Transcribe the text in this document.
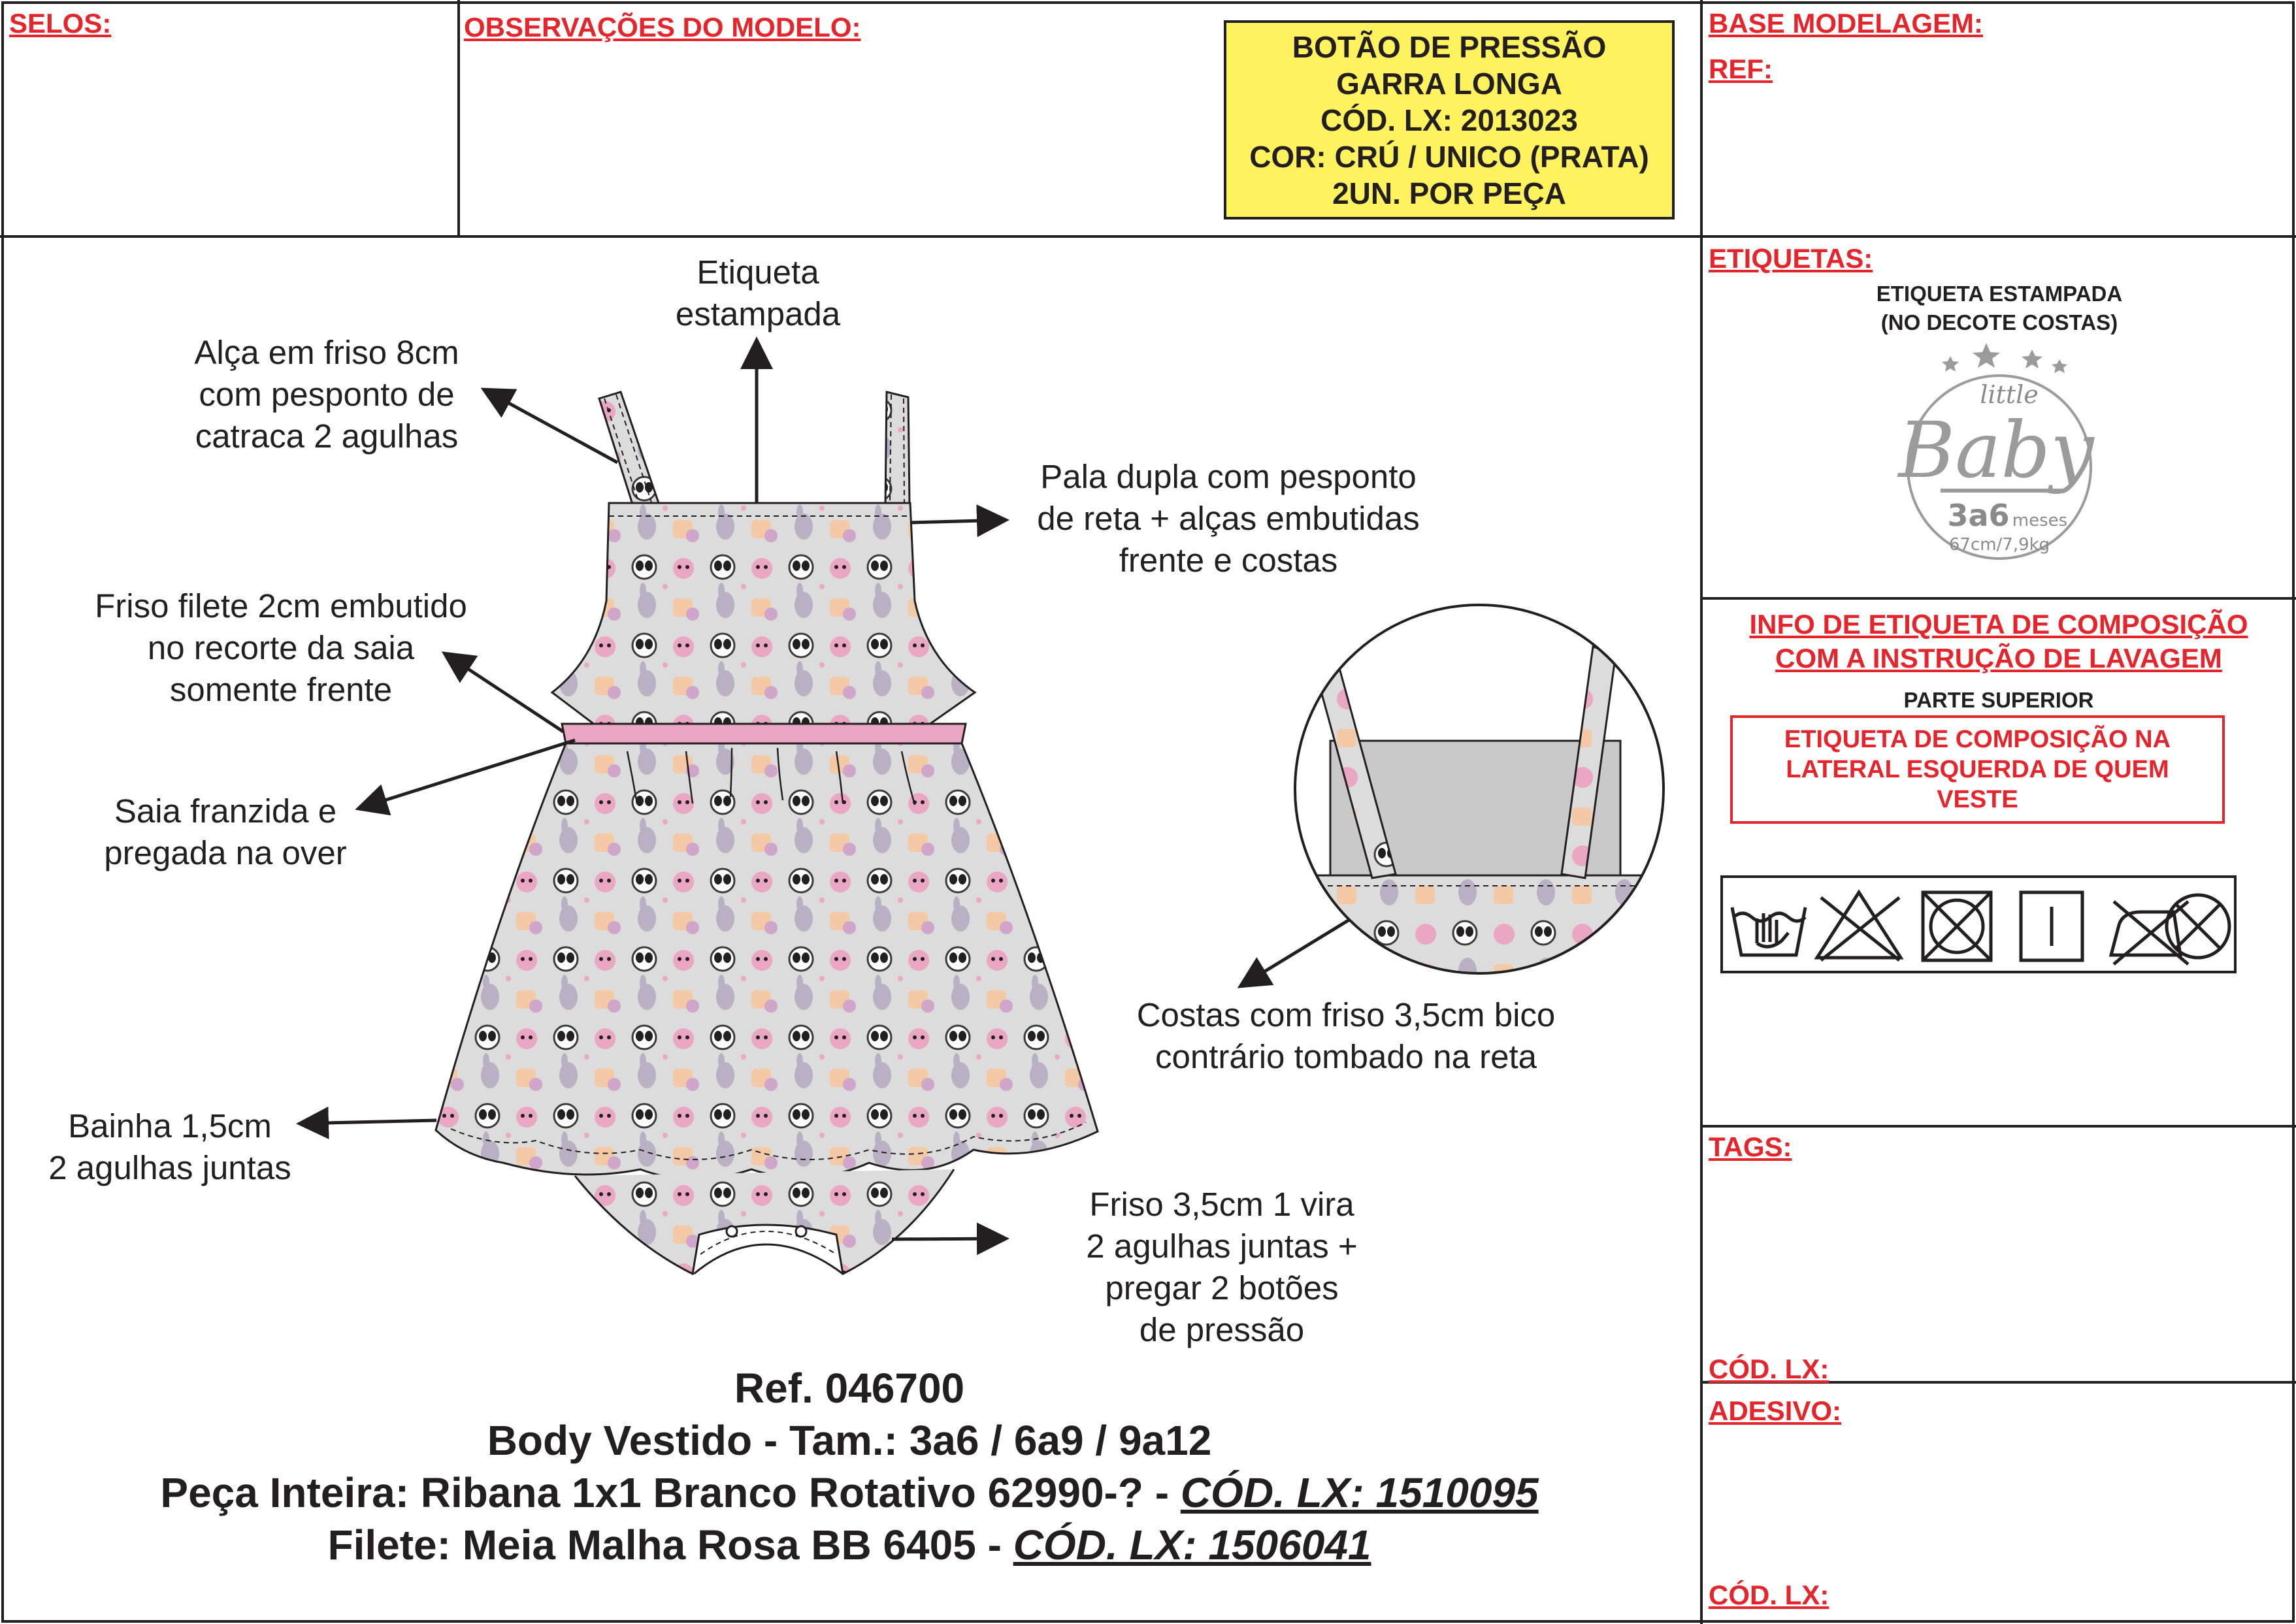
SELOS:	OBSERVAÇÕES DO MODELO:
BOTÃO DE PRESSÃO
GARRA LONGA
CÓD. LX: 2013023
COR: CRÚ / UNICO (PRATA)
2UN. POR PEÇA
BASE MODELAGEM:
REF:
ETIQUETAS:
ETIQUETA ESTAMPADA
(NO DECOTE COSTAS)
little
Baby
3a6 meses
67cm/7,9kg
INFO DE ETIQUETA DE COMPOSIÇÃO
COM A INSTRUÇÃO DE LAVAGEM
PARTE SUPERIOR
ETIQUETA DE COMPOSIÇÃO NA
LATERAL ESQUERDA DE QUEM
VESTE
TAGS:
CÓD. LX:
ADESIVO:
CÓD. LX:
Etiqueta
estampada
Alça em friso 8cm
com pesponto de
catraca 2 agulhas
Pala dupla com pesponto
de reta + alças embutidas
frente e costas
Friso filete 2cm embutido
no recorte da saia
somente frente
Saia franzida e
pregada na over
Costas com friso 3,5cm bico
contrário tombado na reta
Bainha 1,5cm
2 agulhas juntas
Friso 3,5cm 1 vira
2 agulhas juntas +
pregar 2 botões
de pressão
Ref. 046700
Body Vestido - Tam.: 3a6 / 6a9 / 9a12
Peça Inteira: Ribana 1x1 Branco Rotativo 62990-? - CÓD. LX: 1510095
Filete: Meia Malha Rosa BB 6405 - CÓD. LX: 1506041
